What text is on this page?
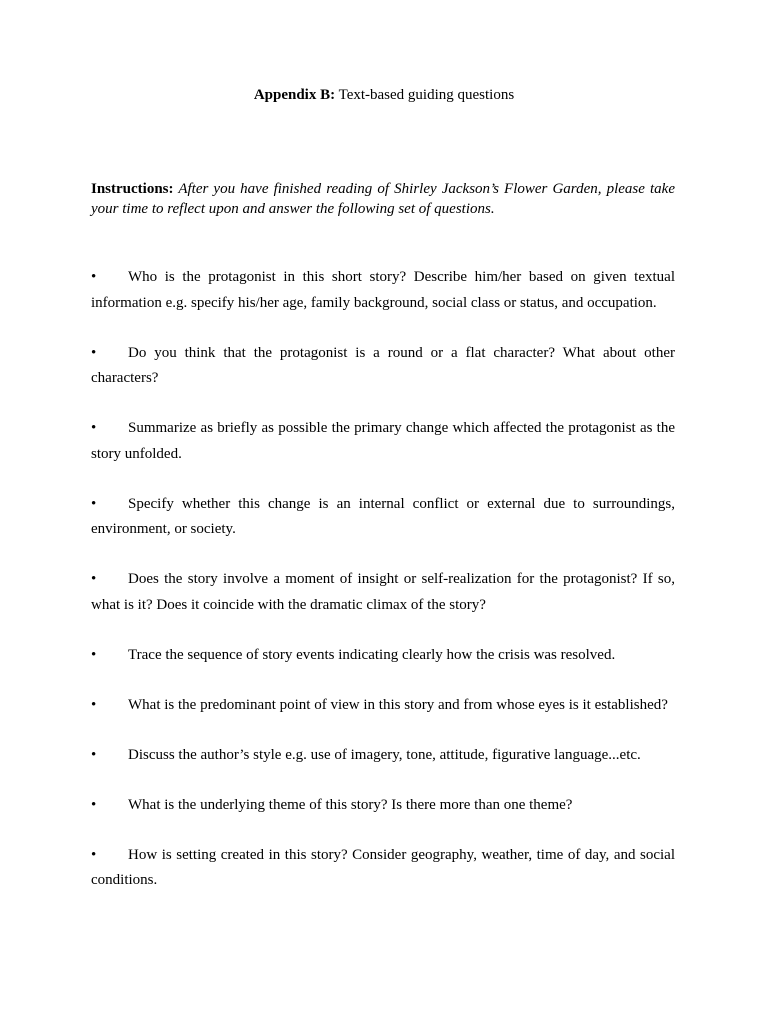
Appendix B: Text-based guiding questions
Instructions: After you have finished reading of Shirley Jackson’s Flower Garden, please take your time to reflect upon and answer the following set of questions.
• Who is the protagonist in this short story? Describe him/her based on given textual information e.g. specify his/her age, family background, social class or status, and occupation.
• Do you think that the protagonist is a round or a flat character? What about other characters?
• Summarize as briefly as possible the primary change which affected the protagonist as the story unfolded.
• Specify whether this change is an internal conflict or external due to surroundings, environment, or society.
• Does the story involve a moment of insight or self-realization for the protagonist? If so, what is it? Does it coincide with the dramatic climax of the story?
• Trace the sequence of story events indicating clearly how the crisis was resolved.
• What is the predominant point of view in this story and from whose eyes is it established?
• Discuss the author’s style e.g. use of imagery, tone, attitude, figurative language...etc.
• What is the underlying theme of this story? Is there more than one theme?
• How is setting created in this story? Consider geography, weather, time of day, and social conditions.
